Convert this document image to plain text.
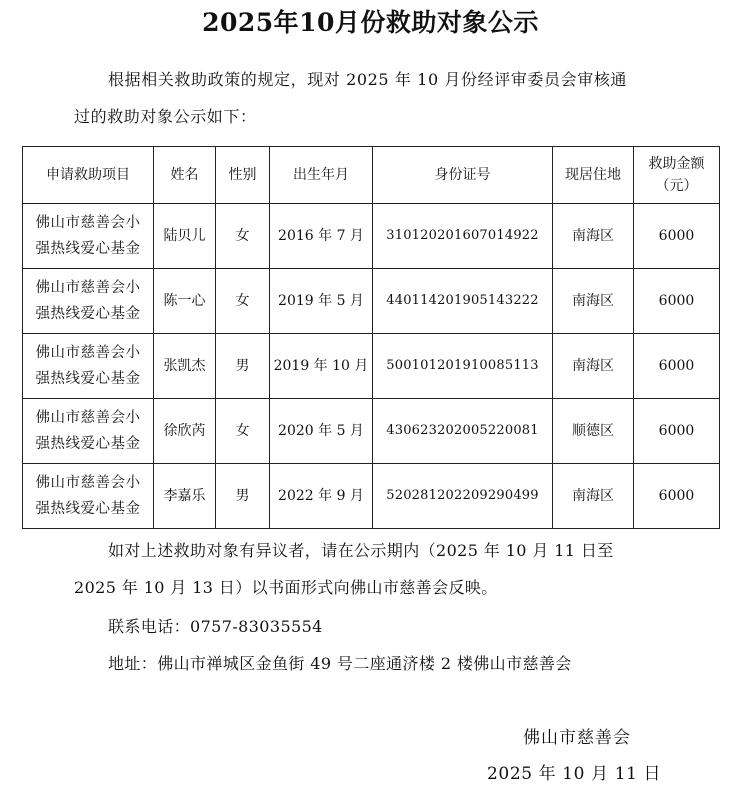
2025年10月份救助对象公示
根据相关救助政策的规定，现对 2025 年 10 月份经评审委员会审核通
过的救助对象公示如下：
申请救助项目	姓名	性别	出生年月	身份证号	现居住地	救助金额
（元）

佛山市慈善会小
强热线爱心基金	陆贝儿	女	2016 年 7 月	310120201607014922	南海区	6000

佛山市慈善会小
强热线爱心基金	陈一心	女	2019 年 5 月	440114201905143222	南海区	6000

佛山市慈善会小
强热线爱心基金	张凯杰	男	2019 年 10 月	500101201910085113	南海区	6000

佛山市慈善会小
强热线爱心基金	徐欣芮	女	2020 年 5 月	430623202005220081	顺德区	6000

佛山市慈善会小
强热线爱心基金	李嘉乐	男	2022 年 9 月	520281202209290499	南海区	6000
如对上述救助对象有异议者，请在公示期内（2025 年 10 月 11 日至
2025 年 10 月 13 日）以书面形式向佛山市慈善会反映。
联系电话：0757-83035554
地址：佛山市禅城区金鱼街 49 号二座通济楼 2 楼佛山市慈善会
佛山市慈善会
2025 年 10 月 11 日
